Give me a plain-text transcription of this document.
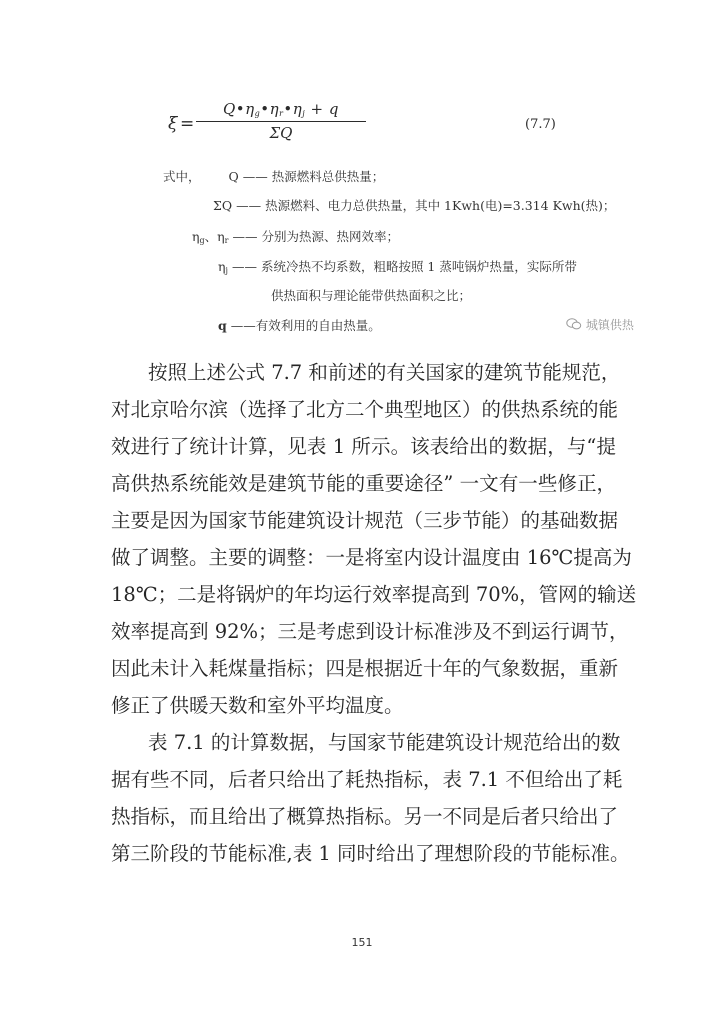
ξ =
$Q•\eta_g•\eta_r•\eta_j + q$
ΣQ	(7.7)
式中， Q —— 热源燃料总供热量；
ΣQ —— 热源燃料、电力总供热量，其中 1Kwh(电)=3.314 Kwh(热)；
$\eta_g$、$\eta_r$ —— 分别为热源、热网效率；
$\eta_j$ —— 系统冷热不均系数，粗略按照 1 蒸吨锅炉热量，实际所带
供热面积与理论能带供热面积之比；
q ——有效利用的自由热量。	城镇供热
按照上述公式 7.7 和前述的有关国家的建筑节能规范，
对北京哈尔滨（选择了北方二个典型地区）的供热系统的能
效进行了统计计算，见表 1 所示。该表给出的数据，与“提
高供热系统能效是建筑节能的重要途径” 一文有一些修正，
主要是因为国家节能建筑设计规范（三步节能）的基础数据
做了调整。主要的调整：一是将室内设计温度由 16℃提高为
18℃；二是将锅炉的年均运行效率提高到 70%，管网的输送
效率提高到 92%；三是考虑到设计标准涉及不到运行调节，
因此未计入耗煤量指标；四是根据近十年的气象数据，重新
修正了供暖天数和室外平均温度。
表 7.1 的计算数据，与国家节能建筑设计规范给出的数
据有些不同，后者只给出了耗热指标，表 7.1 不但给出了耗
热指标，而且给出了概算热指标。另一不同是后者只给出了
第三阶段的节能标准,表 1 同时给出了理想阶段的节能标准。
151
